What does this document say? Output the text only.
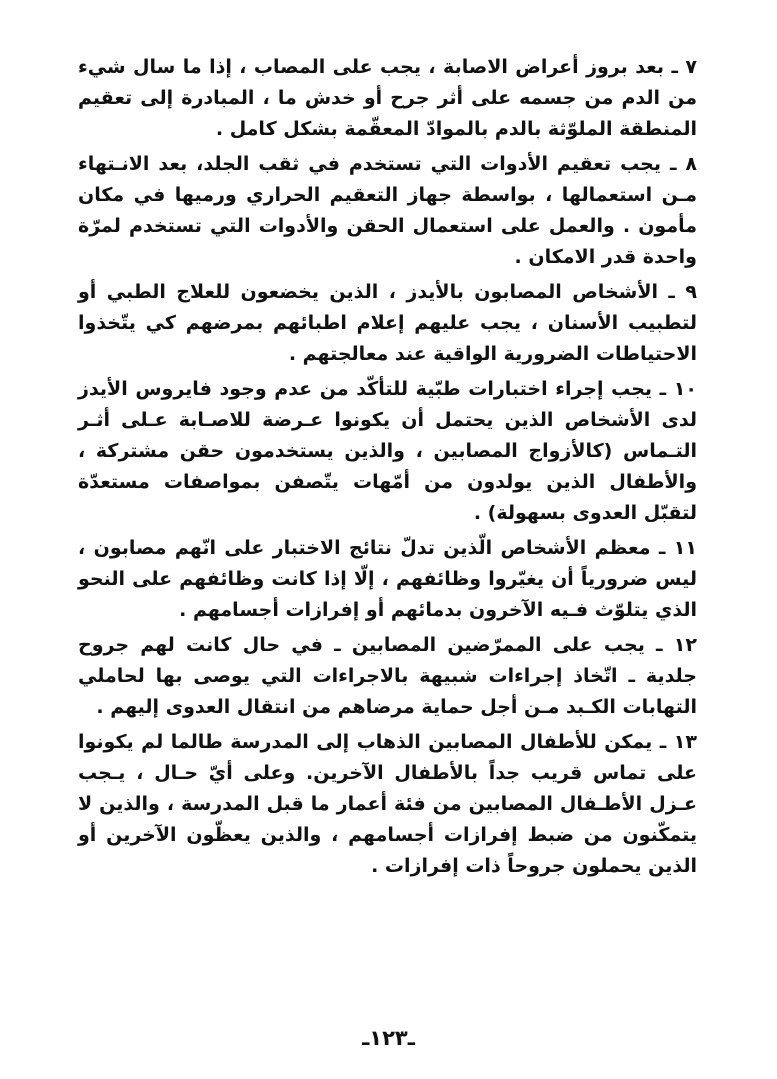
٧ ـ بعد بروز أعراض الاصابة ، يجب على المصاب ، إذا ما سال شيء من الدم من جسمه على أثر جرح أو خدش ما ، المبادرة إلى تعقيم المنطقة الملوّثة بالدم بالموادّ المعقّمة بشكل كامل .

٨ ـ يجب تعقيم الأدوات التي تستخدم في ثقب الجلد، بعد الانـتهاء مـن استعمالها ، بواسطة جهاز التعقيم الحراري ورميها في مكان مأمون . والعمل على استعمال الحقن والأدوات التي تستخدم لمرّة واحدة قدر الامكان .

٩ ـ الأشخاص المصابون بالأيدز ، الذين يخضعون للعلاج الطبي أو لتطبيب الأسنان ، يجب عليهم إعلام اطبائهم بمرضهم كي يتّخذوا الاحتياطات الضرورية الواقية عند معالجتهم .

١٠ ـ يجب إجراء اختبارات طبّية للتأكّد من عدم وجود فايروس الأيدز لدى الأشخاص الذين يحتمل أن يكونوا عـرضة للاصـابة عـلى أثـر التـماس (كالأزواج المصابين ، والذين يستخدمون حقن مشتركة ، والأطفال الذين يولدون من أمّهات يتّصفن بمواصفات مستعدّة لتقبّل العدوى بسهولة) .

١١ ـ معظم الأشخاص الّذين تدلّ نتائج الاختبار على انّهم مصابون ، ليس ضرورياً أن يغيّروا وظائفهم ، إلّا إذا كانت وظائفهم على النحو الذي يتلوّث فـيه الآخرون بدمائهم أو إفرازات أجسامهم .

١٢ ـ يجب على الممرّضين المصابين ـ في حال كانت لهم جروح جلدية ـ اتّخاذ إجراءات شبيهة بالاجراءات التي يوصى بها لحاملي التهابات الكـبد مـن أجل حماية مرضاهم من انتقال العدوى إليهم .

١٣ ـ يمكن للأطفال المصابين الذهاب إلى المدرسة طالما لم يكونوا على تماس قريب جداً بالأطفال الآخرين. وعلى أيّ حـال ، يـجب عـزل الأطـفال المصابين من فئة أعمار ما قبل المدرسة ، والذين لا يتمكّنون من ضبط إفرازات أجسامهم ، والذين يعظّون الآخرين أو الذين يحملون جروحاً ذات إفرازات .

ـ١٢٣ـ
